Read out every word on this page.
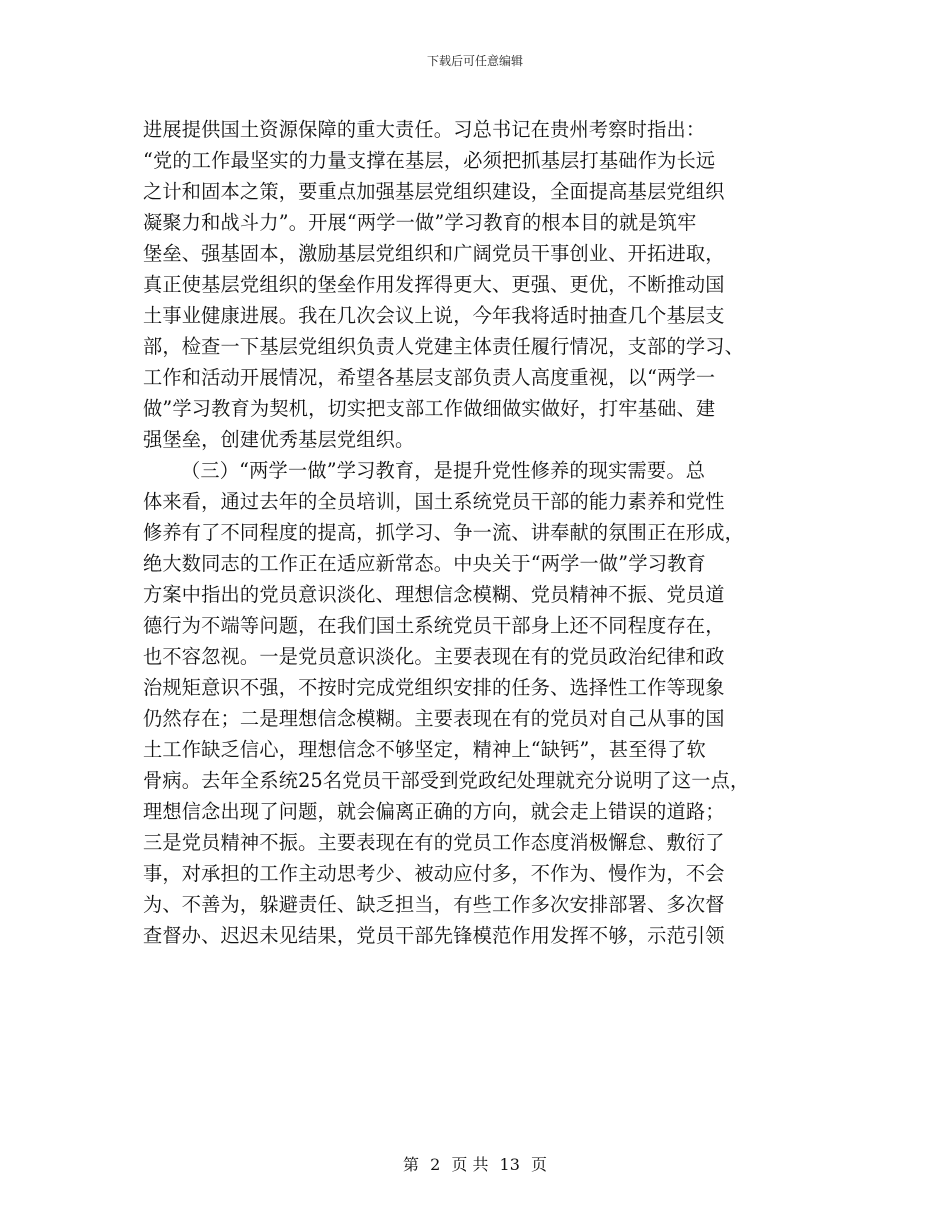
下载后可任意编辑
进展提供国土资源保障的重大责任。习总书记在贵州考察时指出：
“党的工作最坚实的力量支撑在基层，必须把抓基层打基础作为长远
之计和固本之策，要重点加强基层党组织建设，全面提高基层党组织
凝聚力和战斗力”。开展“两学一做”学习教育的根本目的就是筑牢
堡垒、强基固本，激励基层党组织和广阔党员干事创业、开拓进取，
真正使基层党组织的堡垒作用发挥得更大、更强、更优，不断推动国
土事业健康进展。我在几次会议上说，今年我将适时抽查几个基层支
部，检查一下基层党组织负责人党建主体责任履行情况，支部的学习、
工作和活动开展情况，希望各基层支部负责人高度重视，以“两学一
做”学习教育为契机，切实把支部工作做细做实做好，打牢基础、建
强堡垒，创建优秀基层党组织。
（三）“两学一做”学习教育，是提升党性修养的现实需要。总
体来看，通过去年的全员培训，国土系统党员干部的能力素养和党性
修养有了不同程度的提高，抓学习、争一流、讲奉献的氛围正在形成，
绝大数同志的工作正在适应新常态。中央关于“两学一做”学习教育
方案中指出的党员意识淡化、理想信念模糊、党员精神不振、党员道
德行为不端等问题，在我们国土系统党员干部身上还不同程度存在，
也不容忽视。一是党员意识淡化。主要表现在有的党员政治纪律和政
治规矩意识不强，不按时完成党组织安排的任务、选择性工作等现象
仍然存在；二是理想信念模糊。主要表现在有的党员对自己从事的国
土工作缺乏信心，理想信念不够坚定，精神上“缺钙”，甚至得了软
骨病。去年全系统25名党员干部受到党政纪处理就充分说明了这一点，
理想信念出现了问题，就会偏离正确的方向，就会走上错误的道路；
三是党员精神不振。主要表现在有的党员工作态度消极懈怠、敷衍了
事，对承担的工作主动思考少、被动应付多，不作为、慢作为，不会
为、不善为，躲避责任、缺乏担当，有些工作多次安排部署、多次督
查督办、迟迟未见结果，党员干部先锋模范作用发挥不够，示范引领
第 2 页 共 13 页
